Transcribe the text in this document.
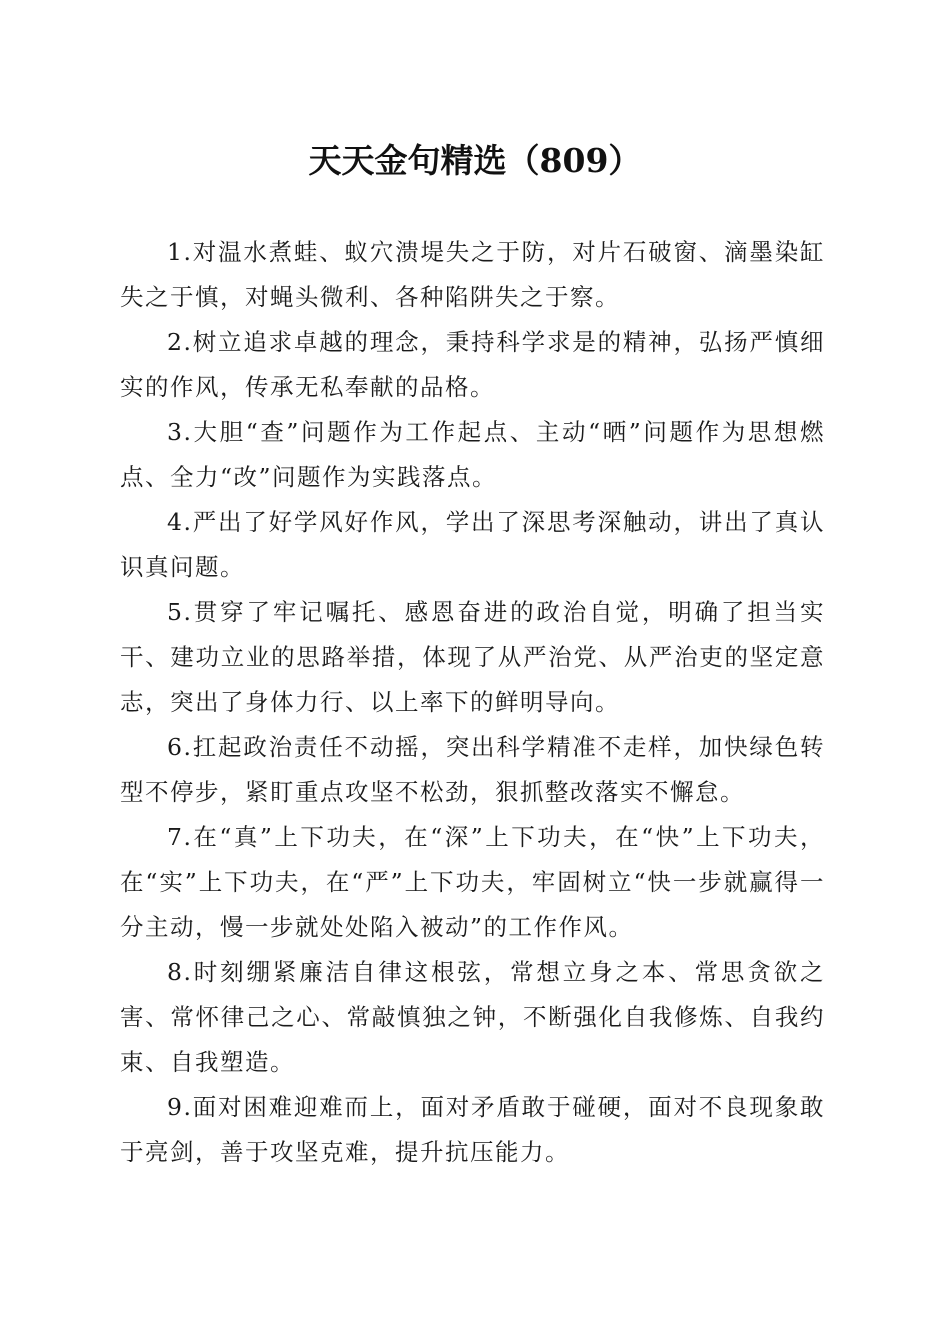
天天金句精选（809）

1.对温水煮蛙、蚁穴溃堤失之于防，对片石破窗、滴墨染缸失之于慎，对蝇头微利、各种陷阱失之于察。

2.树立追求卓越的理念，秉持科学求是的精神，弘扬严慎细实的作风，传承无私奉献的品格。

3.大胆“查”问题作为工作起点、主动“晒”问题作为思想燃点、全力“改”问题作为实践落点。

4.严出了好学风好作风，学出了深思考深触动，讲出了真认识真问题。

5.贯穿了牢记嘱托、感恩奋进的政治自觉，明确了担当实干、建功立业的思路举措，体现了从严治党、从严治吏的坚定意志，突出了身体力行、以上率下的鲜明导向。

6.扛起政治责任不动摇，突出科学精准不走样，加快绿色转型不停步，紧盯重点攻坚不松劲，狠抓整改落实不懈怠。

7.在“真”上下功夫，在“深”上下功夫，在“快”上下功夫，在“实”上下功夫，在“严”上下功夫，牢固树立“快一步就赢得一分主动，慢一步就处处陷入被动”的工作作风。

8.时刻绷紧廉洁自律这根弦，常想立身之本、常思贪欲之害、常怀律己之心、常敲慎独之钟，不断强化自我修炼、自我约束、自我塑造。

9.面对困难迎难而上，面对矛盾敢于碰硬，面对不良现象敢于亮剑，善于攻坚克难，提升抗压能力。
